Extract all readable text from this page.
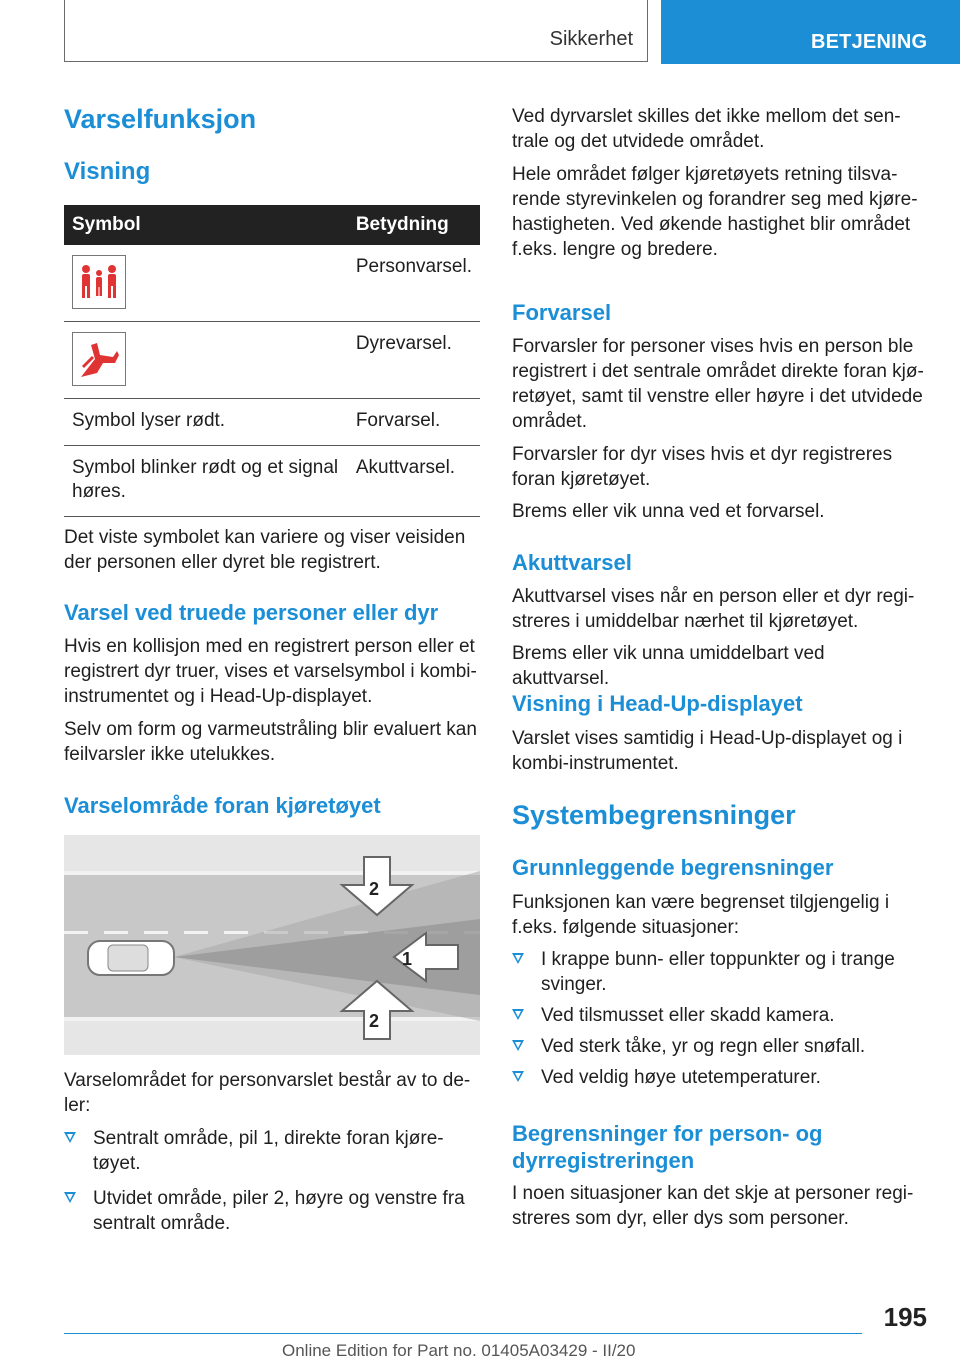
Sikkerhet	BETJENING
Varselfunksjon
Visning
Symbol	Betydning

	Personvarsel.

	Dyrevarsel.
Symbol lyser rødt.	Forvarsel.
Symbol blinker rødt og et signal høres.	Akuttvarsel.

Det viste symbolet kan variere og viser veisiden der personen eller dyret ble registrert.

Varsel ved truede personer eller dyr

Hvis en kollisjon med en registrert person eller et registrert dyr truer, vises et varselsymbol i kombiinstrumentet og i Head-Up-displayet.

Selv om form og varmeutstråling blir evaluert kan feilvarsler ikke utelukkes.

Varselområde foran kjøretøyet
2
1
2

Varselområdet for personvarslet består av to deler:

Sentralt område, pil 1, direkte foran kjøretøyet.
Utvidet område, piler 2, høyre og venstre fra sentralt område.

Ved dyrvarslet skilles det ikke mellom det sentrale og det utvidede området.

Hele området følger kjøretøyets retning tilsvarende styrevinkelen og forandrer seg med kjørehastigheten. Ved økende hastighet blir området f.eks. lengre og bredere.

Forvarsel

Forvarsler for personer vises hvis en person ble registrert i det sentrale området direkte foran kjøretøyet, samt til venstre eller høyre i det utvidede området.

Forvarsler for dyr vises hvis et dyr registreres foran kjøretøyet.

Brems eller vik unna ved et forvarsel.

Akuttvarsel

Akuttvarsel vises når en person eller et dyr registreres i umiddelbar nærhet til kjøretøyet.

Brems eller vik unna umiddelbart ved akuttvarsel.

Visning i Head-Up-displayet

Varslet vises samtidig i Head-Up-displayet og i kombi-instrumentet.

Systembegrensninger
Grunnleggende begrensninger

Funksjonen kan være begrenset tilgjengelig i f.eks. følgende situasjoner:

I krappe bunn- eller toppunkter og i trange svinger.
Ved tilsmusset eller skadd kamera.
Ved sterk tåke, yr og regn eller snøfall.
Ved veldig høye utetemperaturer.
Begrensninger for person- og dyrregistreringen

I noen situasjoner kan det skje at personer registreres som dyr, eller dys som personer.

195
Online Edition for Part no. 01405A03429 - II/20
